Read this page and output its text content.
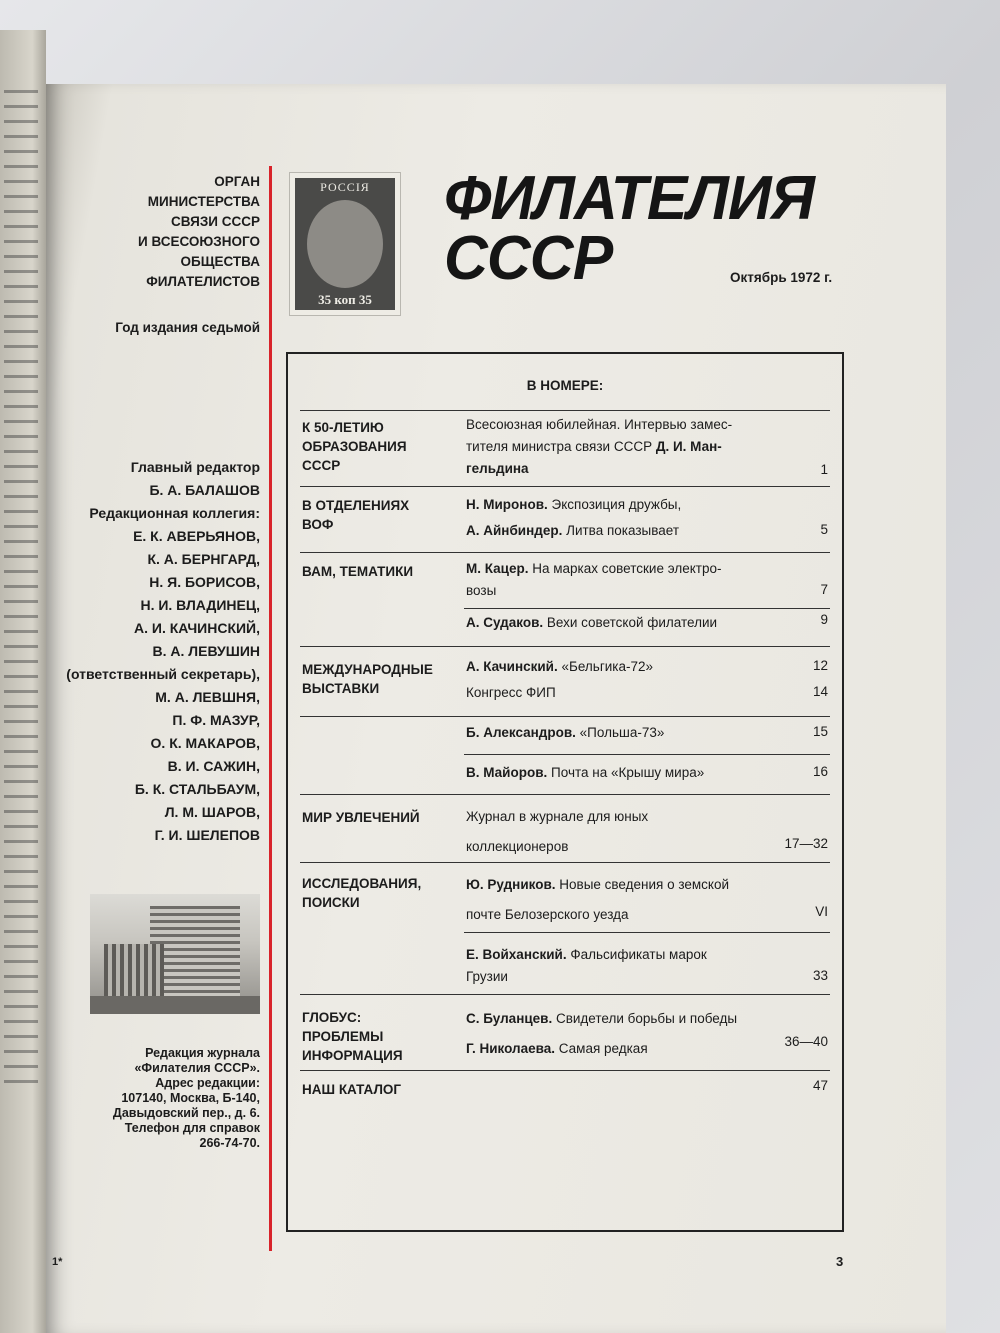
ОРГАН
МИНИСТЕРСТВА
СВЯЗИ СССР
И ВСЕСОЮЗНОГО
ОБЩЕСТВА
ФИЛАТЕЛИСТОВ
Год издания седьмой
Главный редактор
Б. А. БАЛАШОВ
Редакционная коллегия:
Е. К. АВЕРЬЯНОВ,
К. А. БЕРНГАРД,
Н. Я. БОРИСОВ,
Н. И. ВЛАДИНЕЦ,
А. И. КАЧИНСКИЙ,
В. А. ЛЕВУШИН
(ответственный секретарь),
М. А. ЛЕВШНЯ,
П. Ф. МАЗУР,
О. К. МАКАРОВ,
В. И. САЖИН,
Б. К. СТАЛЬБАУМ,
Л. М. ШАРОВ,
Г. И. ШЕЛЕПОВ
Редакция журнала
«Филателия СССР».
Адрес редакции:
107140, Москва, Б-140,
Давыдовский пер., д. 6.
Телефон для справок
266-74-70.
РОССIЯ
35 коп 35
ФИЛАТЕЛИЯ
СССР	Октябрь 1972 г.
В НОМЕРЕ:
К 50-ЛЕТИЮ
ОБРАЗОВАНИЯ
СССР
Всесоюзная юбилейная. Интервью замес-
тителя министра связи СССР Д. И. Ман-
гельдина	1
В ОТДЕЛЕНИЯХ
ВОФ
Н. Миронов. Экспозиция дружбы,
А. Айнбиндер. Литва показывает	5
ВАМ, ТЕМАТИКИ	М. Кацер. На марках советские электро-
возы	7
А. Судаков. Вехи советской филателии	9
МЕЖДУНАРОДНЫЕ
ВЫСТАВКИ
А. Качинский. «Бельгика-72»	12
Конгресс ФИП	14
Б. Александров. «Польша-73»	15
В. Майоров. Почта на «Крышу мира»	16
МИР УВЛЕЧЕНИЙ	Журнал в журнале для юных
коллекционеров	17—32
ИССЛЕДОВАНИЯ,
ПОИСКИ
Ю. Рудников. Новые сведения о земской
почте Белозерского уезда	VI
Е. Войханский. Фальсификаты марок
Грузии	33
ГЛОБУС:
ПРОБЛЕМЫ
ИНФОРМАЦИЯ
С. Буланцев. Свидетели борьбы и победы
Г. Николаева. Самая редкая	36—40
НАШ КАТАЛОГ	47
3
1*
